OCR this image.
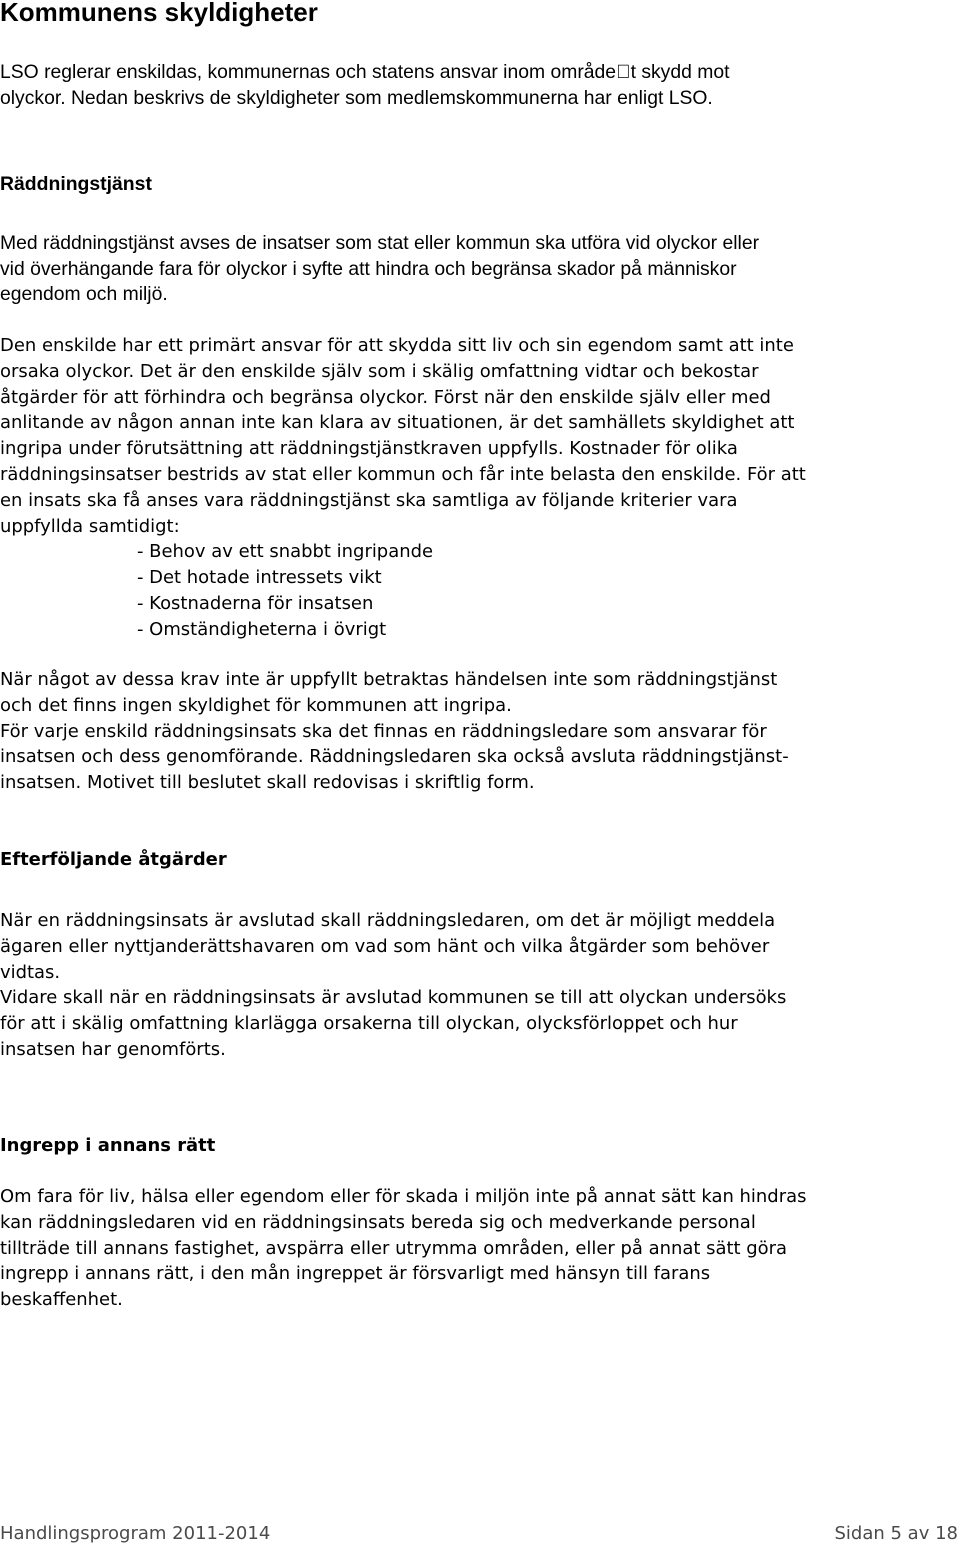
Kommunens skyldigheter
LSO reglerar enskildas, kommunernas och statens ansvar inom område t skydd mot
olyckor. Nedan beskrivs de skyldigheter som medlemskommunerna har enligt LSO.
Räddningstjänst
Med räddningstjänst avses de insatser som stat eller kommun ska utföra vid olyckor eller
vid överhängande fara för olyckor i syfte att hindra och begränsa skador på människor
egendom och miljö.
Den enskilde har ett primärt ansvar för att skydda sitt liv och sin egendom samt att inte
orsaka olyckor. Det är den enskilde själv som i skälig omfattning vidtar och bekostar
åtgärder för att förhindra och begränsa olyckor. Först när den enskilde själv eller med
anlitande av någon annan inte kan klara av situationen, är det samhällets skyldighet att
ingripa under förutsättning att räddningstjänstkraven uppfylls. Kostnader för olika
räddningsinsatser bestrids av stat eller kommun och får inte belasta den enskilde. För att
en insats ska få anses vara räddningstjänst ska samtliga av följande kriterier vara
uppfyllda samtidigt:
- Behov av ett snabbt ingripande
- Det hotade intressets vikt
- Kostnaderna för insatsen
- Omständigheterna i övrigt
När något av dessa krav inte är uppfyllt betraktas händelsen inte som räddningstjänst
och det finns ingen skyldighet för kommunen att ingripa.
För varje enskild räddningsinsats ska det finnas en räddningsledare som ansvarar för
insatsen och dess genomförande. Räddningsledaren ska också avsluta räddningstjänst-
insatsen. Motivet till beslutet skall redovisas i skriftlig form.
Efterföljande åtgärder
När en räddningsinsats är avslutad skall räddningsledaren, om det är möjligt meddela
ägaren eller nyttjanderättshavaren om vad som hänt och vilka åtgärder som behöver
vidtas.
Vidare skall när en räddningsinsats är avslutad kommunen se till att olyckan undersöks
för att i skälig omfattning klarlägga orsakerna till olyckan, olycksförloppet och hur
insatsen har genomförts.
Ingrepp i annans rätt
Om fara för liv, hälsa eller egendom eller för skada i miljön inte på annat sätt kan hindras
kan räddningsledaren vid en räddningsinsats bereda sig och medverkande personal
tillträde till annans fastighet, avspärra eller utrymma områden, eller på annat sätt göra
ingrepp i annans rätt, i den mån ingreppet är försvarligt med hänsyn till farans
beskaffenhet.
Handlingsprogram 2011-2014	Sidan 5 av 18
